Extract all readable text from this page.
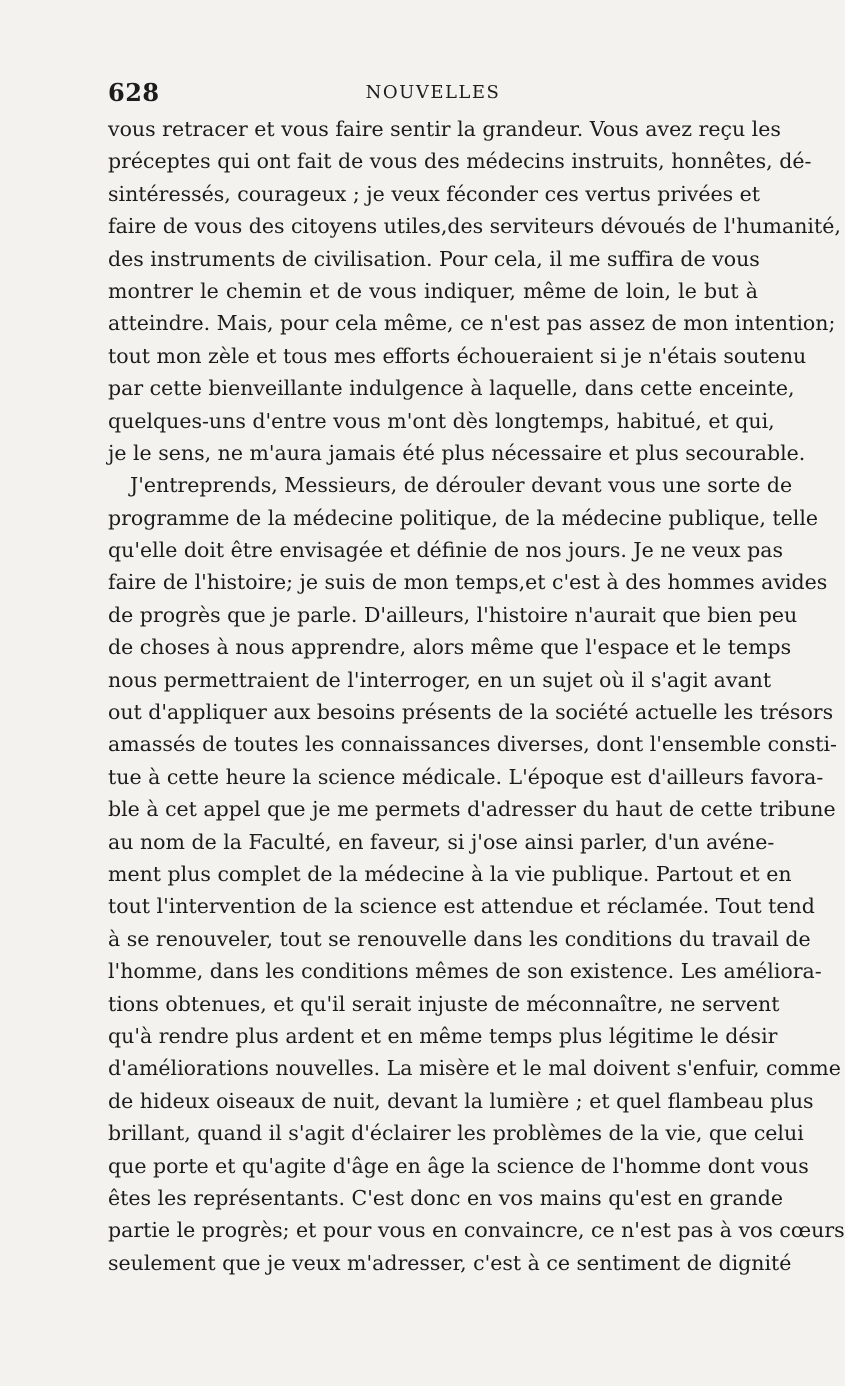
628	NOUVELLES
vous retracer et vous faire sentir la grandeur. Vous avez reçu les
préceptes qui ont fait de vous des médecins instruits, honnêtes, dé-
sintéressés, courageux ; je veux féconder ces vertus privées et
faire de vous des citoyens utiles,des serviteurs dévoués de l'humanité,
des instruments de civilisation. Pour cela, il me suffira de vous
montrer le chemin et de vous indiquer, même de loin, le but à
atteindre. Mais, pour cela même, ce n'est pas assez de mon intention;
tout mon zèle et tous mes efforts échoueraient si je n'étais soutenu
par cette bienveillante indulgence à laquelle, dans cette enceinte,
quelques-uns d'entre vous m'ont dès longtemps, habitué, et qui,
je le sens, ne m'aura jamais été plus nécessaire et plus secourable.
J'entreprends, Messieurs, de dérouler devant vous une sorte de
programme de la médecine politique, de la médecine publique, telle
qu'elle doit être envisagée et définie de nos jours. Je ne veux pas
faire de l'histoire; je suis de mon temps,et c'est à des hommes avides
de progrès que je parle. D'ailleurs, l'histoire n'aurait que bien peu
de choses à nous apprendre, alors même que l'espace et le temps
nous permettraient de l'interroger, en un sujet où il s'agit avant
out d'appliquer aux besoins présents de la société actuelle les trésors
amassés de toutes les connaissances diverses, dont l'ensemble consti-
tue à cette heure la science médicale. L'époque est d'ailleurs favora-
ble à cet appel que je me permets d'adresser du haut de cette tribune
au nom de la Faculté, en faveur, si j'ose ainsi parler, d'un avéne-
ment plus complet de la médecine à la vie publique. Partout et en
tout l'intervention de la science est attendue et réclamée. Tout tend
à se renouveler, tout se renouvelle dans les conditions du travail de
l'homme, dans les conditions mêmes de son existence. Les améliora-
tions obtenues, et qu'il serait injuste de méconnaître, ne servent
qu'à rendre plus ardent et en même temps plus légitime le désir
d'améliorations nouvelles. La misère et le mal doivent s'enfuir, comme
de hideux oiseaux de nuit, devant la lumière ; et quel flambeau plus
brillant, quand il s'agit d'éclairer les problèmes de la vie, que celui
que porte et qu'agite d'âge en âge la science de l'homme dont vous
êtes les représentants. C'est donc en vos mains qu'est en grande
partie le progrès; et pour vous en convaincre, ce n'est pas à vos cœurs
seulement que je veux m'adresser, c'est à ce sentiment de dignité
